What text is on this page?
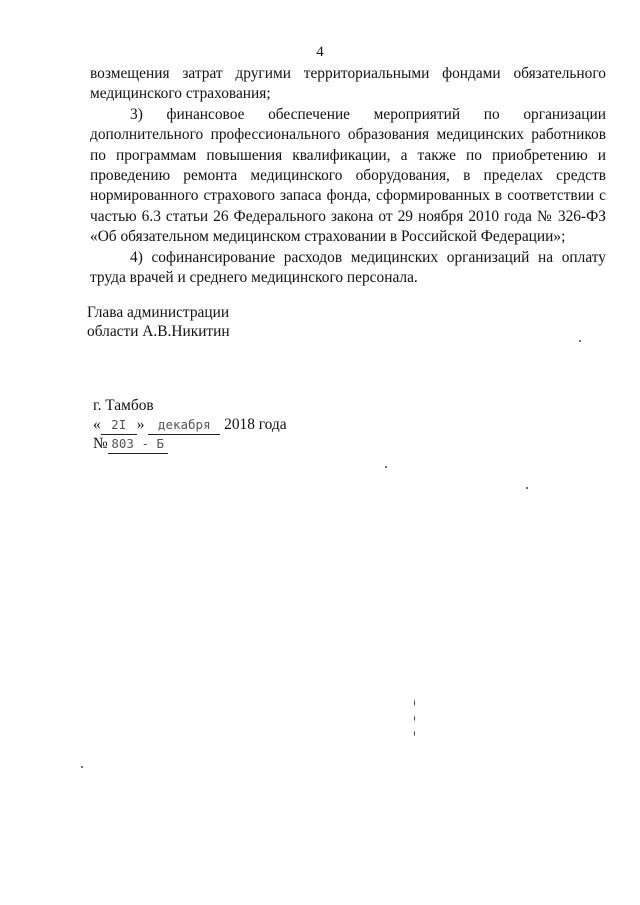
4

возмещения затрат другими территориальными фондами обязательного медицинского страхования;

3) финансовое обеспечение мероприятий по организации дополнительного профессионального образования медицинских работников по программам повышения квалификации, а также по приобретению и проведению ремонта медицинского оборудования, в пределах средств нормированного страхового запаса фонда, сформированных в соответствии с частью 6.3 статьи 26 Федерального закона от 29 ноября 2010 года № 326-ФЗ «Об обязательном медицинском страховании в Российской Федерации»;

4) софинансирование расходов медицинских организаций на оплату труда врачей и среднего медицинского персонала.

Глава администрации
области А.В.Никитин
г. Тамбов
« 2I » декабря 2018 года
№ 803 - Б
